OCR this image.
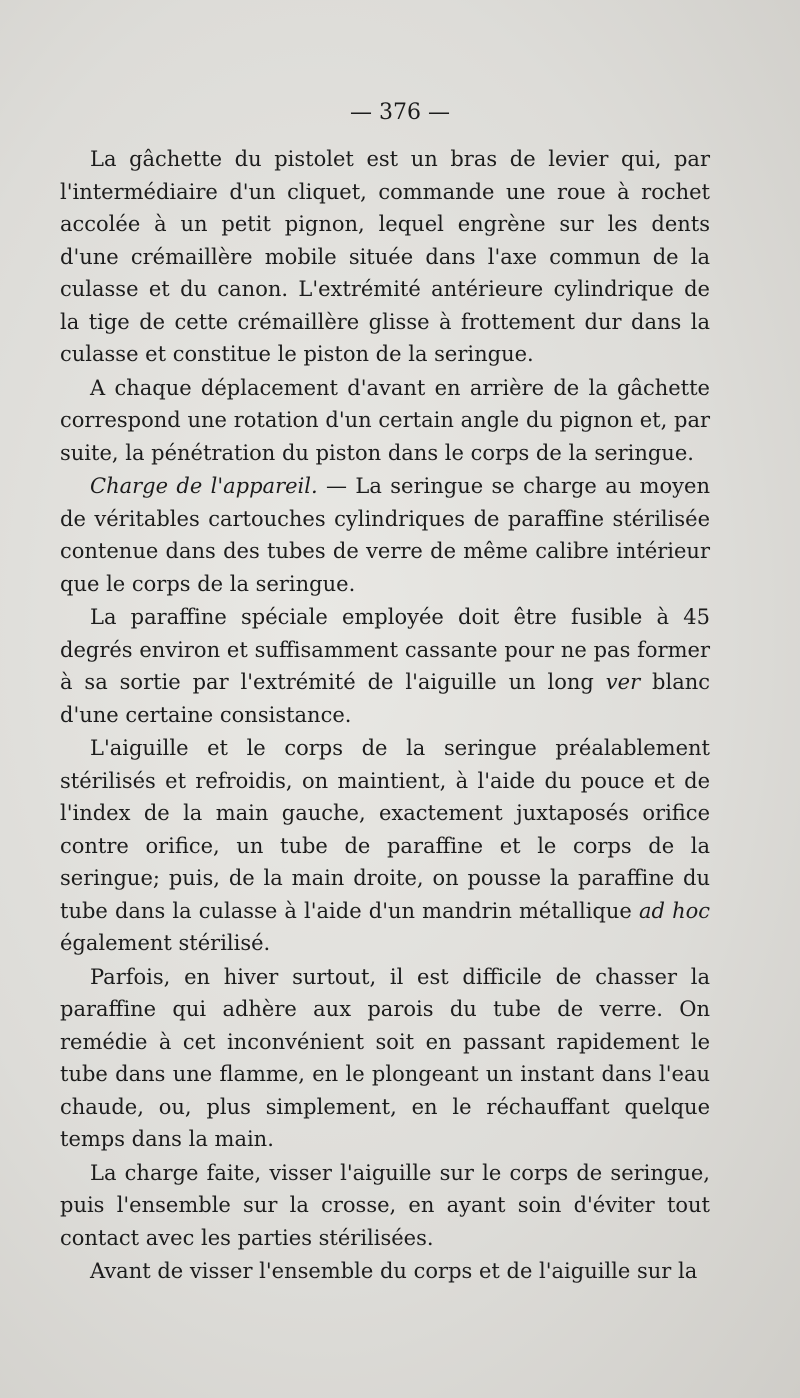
— 376 —

La gâchette du pistolet est un bras de levier qui, par l'intermédiaire d'un cliquet, commande une roue à rochet accolée à un petit pignon, lequel engrène sur les dents d'une crémaillère mobile située dans l'axe commun de la culasse et du canon. L'extrémité antérieure cylindrique de la tige de cette crémaillère glisse à frottement dur dans la culasse et constitue le piston de la seringue.

A chaque déplacement d'avant en arrière de la gâchette correspond une rotation d'un certain angle du pignon et, par suite, la pénétration du piston dans le corps de la seringue.

Charge de l'appareil. — La seringue se charge au moyen de véritables cartouches cylindriques de paraffine stérilisée contenue dans des tubes de verre de même calibre intérieur que le corps de la seringue.

La paraffine spéciale employée doit être fusible à 45 degrés environ et suffisamment cassante pour ne pas former à sa sortie par l'extrémité de l'aiguille un long ver blanc d'une certaine consistance.

L'aiguille et le corps de la seringue préalablement stérilisés et refroidis, on maintient, à l'aide du pouce et de l'index de la main gauche, exactement juxtaposés orifice contre orifice, un tube de paraffine et le corps de la seringue; puis, de la main droite, on pousse la paraffine du tube dans la culasse à l'aide d'un mandrin métallique ad hoc également stérilisé.

Parfois, en hiver surtout, il est difficile de chasser la paraffine qui adhère aux parois du tube de verre. On remédie à cet inconvénient soit en passant rapidement le tube dans une flamme, en le plongeant un instant dans l'eau chaude, ou, plus simplement, en le réchauffant quelque temps dans la main.

La charge faite, visser l'aiguille sur le corps de seringue, puis l'ensemble sur la crosse, en ayant soin d'éviter tout contact avec les parties stérilisées.

Avant de visser l'ensemble du corps et de l'aiguille sur la
